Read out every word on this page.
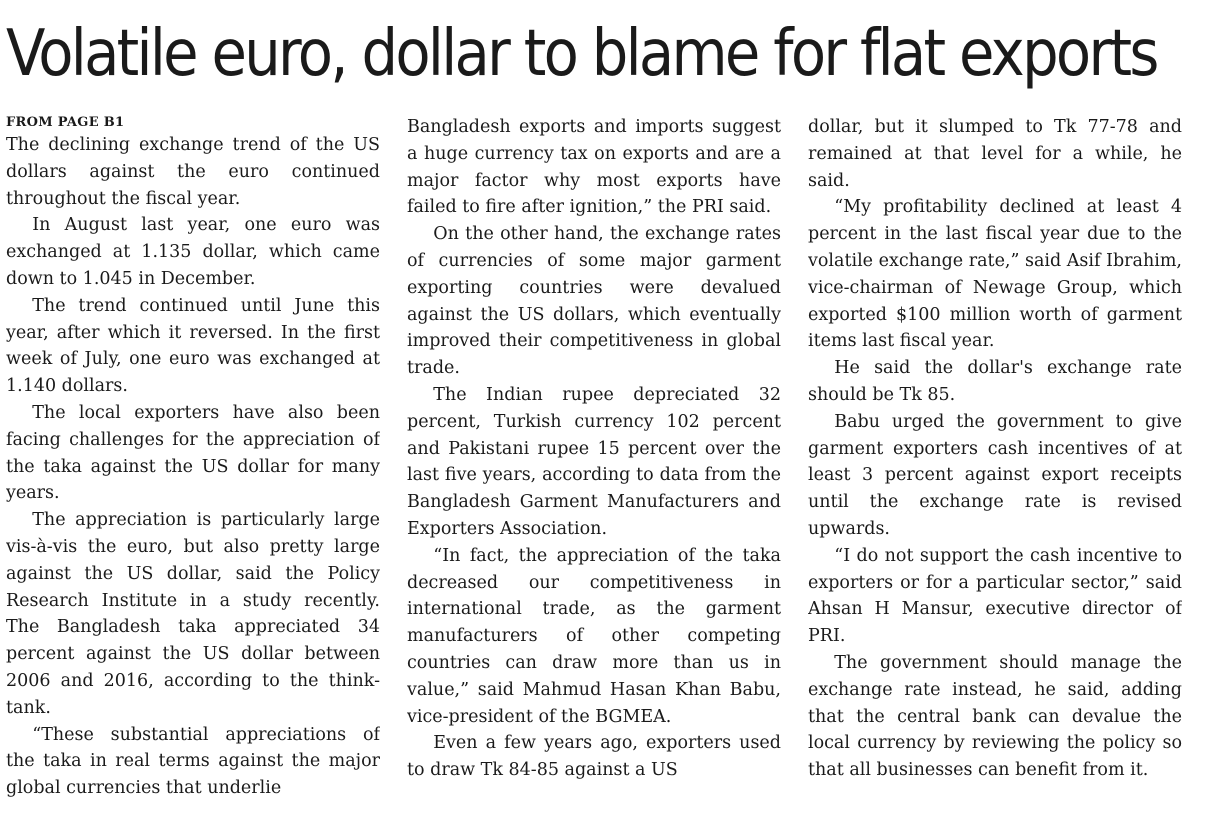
Volatile euro, dollar to blame for flat exports
FROM PAGE B1

The declining exchange trend of the US dollars against the euro continued throughout the fiscal year.

In August last year, one euro was exchanged at 1.135 dollar, which came down to 1.045 in December.

The trend continued until June this year, after which it reversed. In the first week of July, one euro was exchanged at 1.140 dollars.

The local exporters have also been facing challenges for the appreciation of the taka against the US dollar for many years.

The appreciation is particularly large vis-à-vis the euro, but also pretty large against the US dollar, said the Policy Research Institute in a study recently. The Bangladesh taka appreciated 34 percent against the US dollar between 2006 and 2016, according to the think-tank.

“These substantial appreciations of the taka in real terms against the major global currencies that underlie

Bangladesh exports and imports suggest a huge currency tax on exports and are a major factor why most exports have failed to fire after ignition,” the PRI said.

On the other hand, the exchange rates of currencies of some major garment exporting countries were devalued against the US dollars, which eventually improved their competitiveness in global trade.

The Indian rupee depreciated 32 percent, Turkish currency 102 percent and Pakistani rupee 15 percent over the last five years, according to data from the Bangladesh Garment Manufacturers and Exporters Association.

“In fact, the appreciation of the taka decreased our competitiveness in international trade, as the garment manufacturers of other competing countries can draw more than us in value,” said Mahmud Hasan Khan Babu, vice-president of the BGMEA.

Even a few years ago, exporters used to draw Tk 84-85 against a US

dollar, but it slumped to Tk 77-78 and remained at that level for a while, he said.

“My profitability declined at least 4 percent in the last fiscal year due to the volatile exchange rate,” said Asif Ibrahim, vice-chairman of Newage Group, which exported $100 million worth of garment items last fiscal year.

He said the dollar's exchange rate should be Tk 85.

Babu urged the government to give garment exporters cash incentives of at least 3 percent against export receipts until the exchange rate is revised upwards.

“I do not support the cash incentive to exporters or for a particular sector,” said Ahsan H Mansur, executive director of PRI.

The government should manage the exchange rate instead, he said, adding that the central bank can devalue the local currency by reviewing the policy so that all businesses can benefit from it.
